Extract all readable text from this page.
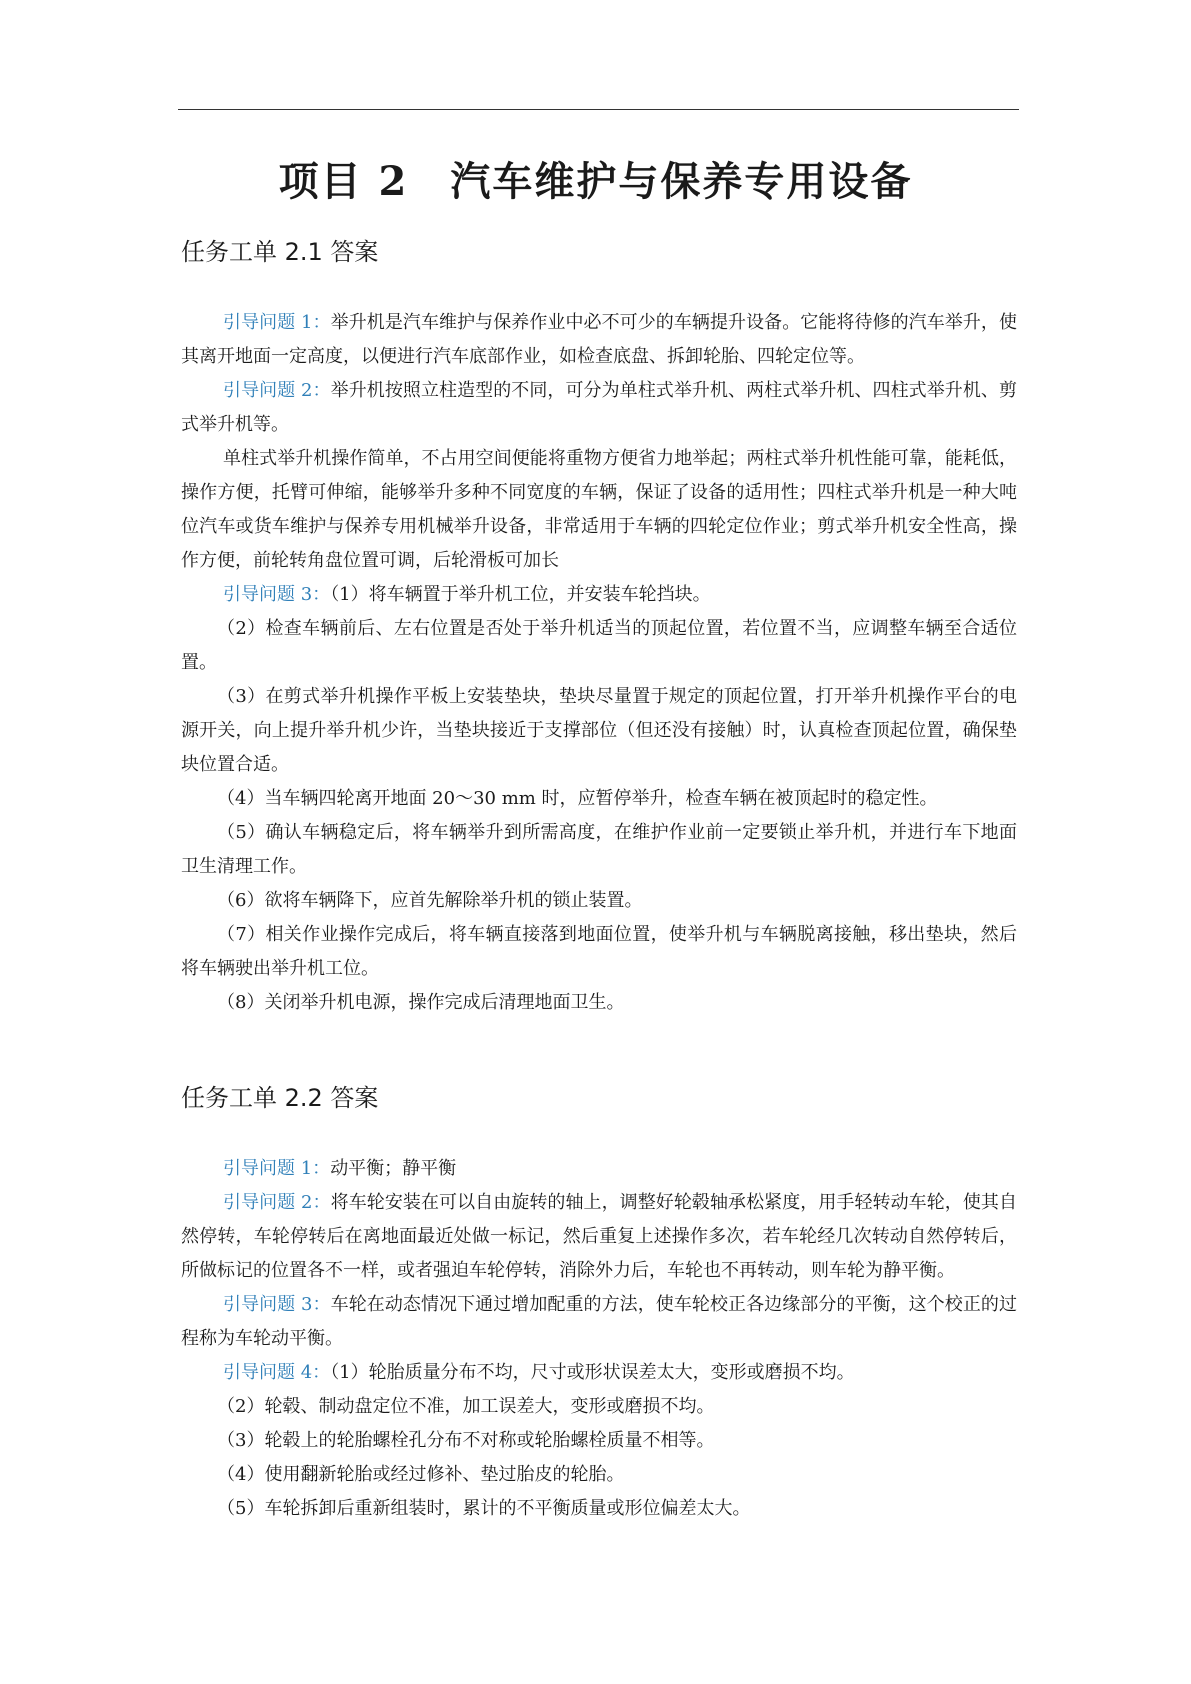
项目 2　汽车维护与保养专用设备
任务工单 2.1 答案

引导问题 1：举升机是汽车维护与保养作业中必不可少的车辆提升设备。它能将待修的汽车举升，使其离开地面一定高度，以便进行汽车底部作业，如检查底盘、拆卸轮胎、四轮定位等。

引导问题 2：举升机按照立柱造型的不同，可分为单柱式举升机、两柱式举升机、四柱式举升机、剪式举升机等。

单柱式举升机操作简单，不占用空间便能将重物方便省力地举起；两柱式举升机性能可靠，能耗低，操作方便，托臂可伸缩，能够举升多种不同宽度的车辆，保证了设备的适用性；四柱式举升机是一种大吨位汽车或货车维护与保养专用机械举升设备，非常适用于车辆的四轮定位作业；剪式举升机安全性高，操作方便，前轮转角盘位置可调，后轮滑板可加长

引导问题 3：（1）将车辆置于举升机工位，并安装车轮挡块。

（2）检查车辆前后、左右位置是否处于举升机适当的顶起位置，若位置不当，应调整车辆至合适位置。

（3）在剪式举升机操作平板上安装垫块，垫块尽量置于规定的顶起位置，打开举升机操作平台的电源开关，向上提升举升机少许，当垫块接近于支撑部位（但还没有接触）时，认真检查顶起位置，确保垫块位置合适。

（4）当车辆四轮离开地面 20～30 mm 时，应暂停举升，检查车辆在被顶起时的稳定性。

（5）确认车辆稳定后，将车辆举升到所需高度，在维护作业前一定要锁止举升机，并进行车下地面卫生清理工作。

（6）欲将车辆降下，应首先解除举升机的锁止装置。

（7）相关作业操作完成后，将车辆直接落到地面位置，使举升机与车辆脱离接触，移出垫块，然后将车辆驶出举升机工位。

（8）关闭举升机电源，操作完成后清理地面卫生。

任务工单 2.2 答案

引导问题 1：动平衡；静平衡

引导问题 2：将车轮安装在可以自由旋转的轴上，调整好轮毂轴承松紧度，用手轻转动车轮，使其自然停转，车轮停转后在离地面最近处做一标记，然后重复上述操作多次，若车轮经几次转动自然停转后，所做标记的位置各不一样，或者强迫车轮停转，消除外力后，车轮也不再转动，则车轮为静平衡。

引导问题 3：车轮在动态情况下通过增加配重的方法，使车轮校正各边缘部分的平衡，这个校正的过程称为车轮动平衡。

引导问题 4：（1）轮胎质量分布不均，尺寸或形状误差太大，变形或磨损不均。

（2）轮毂、制动盘定位不准，加工误差大，变形或磨损不均。

（3）轮毂上的轮胎螺栓孔分布不对称或轮胎螺栓质量不相等。

（4）使用翻新轮胎或经过修补、垫过胎皮的轮胎。

（5）车轮拆卸后重新组装时，累计的不平衡质量或形位偏差太大。
